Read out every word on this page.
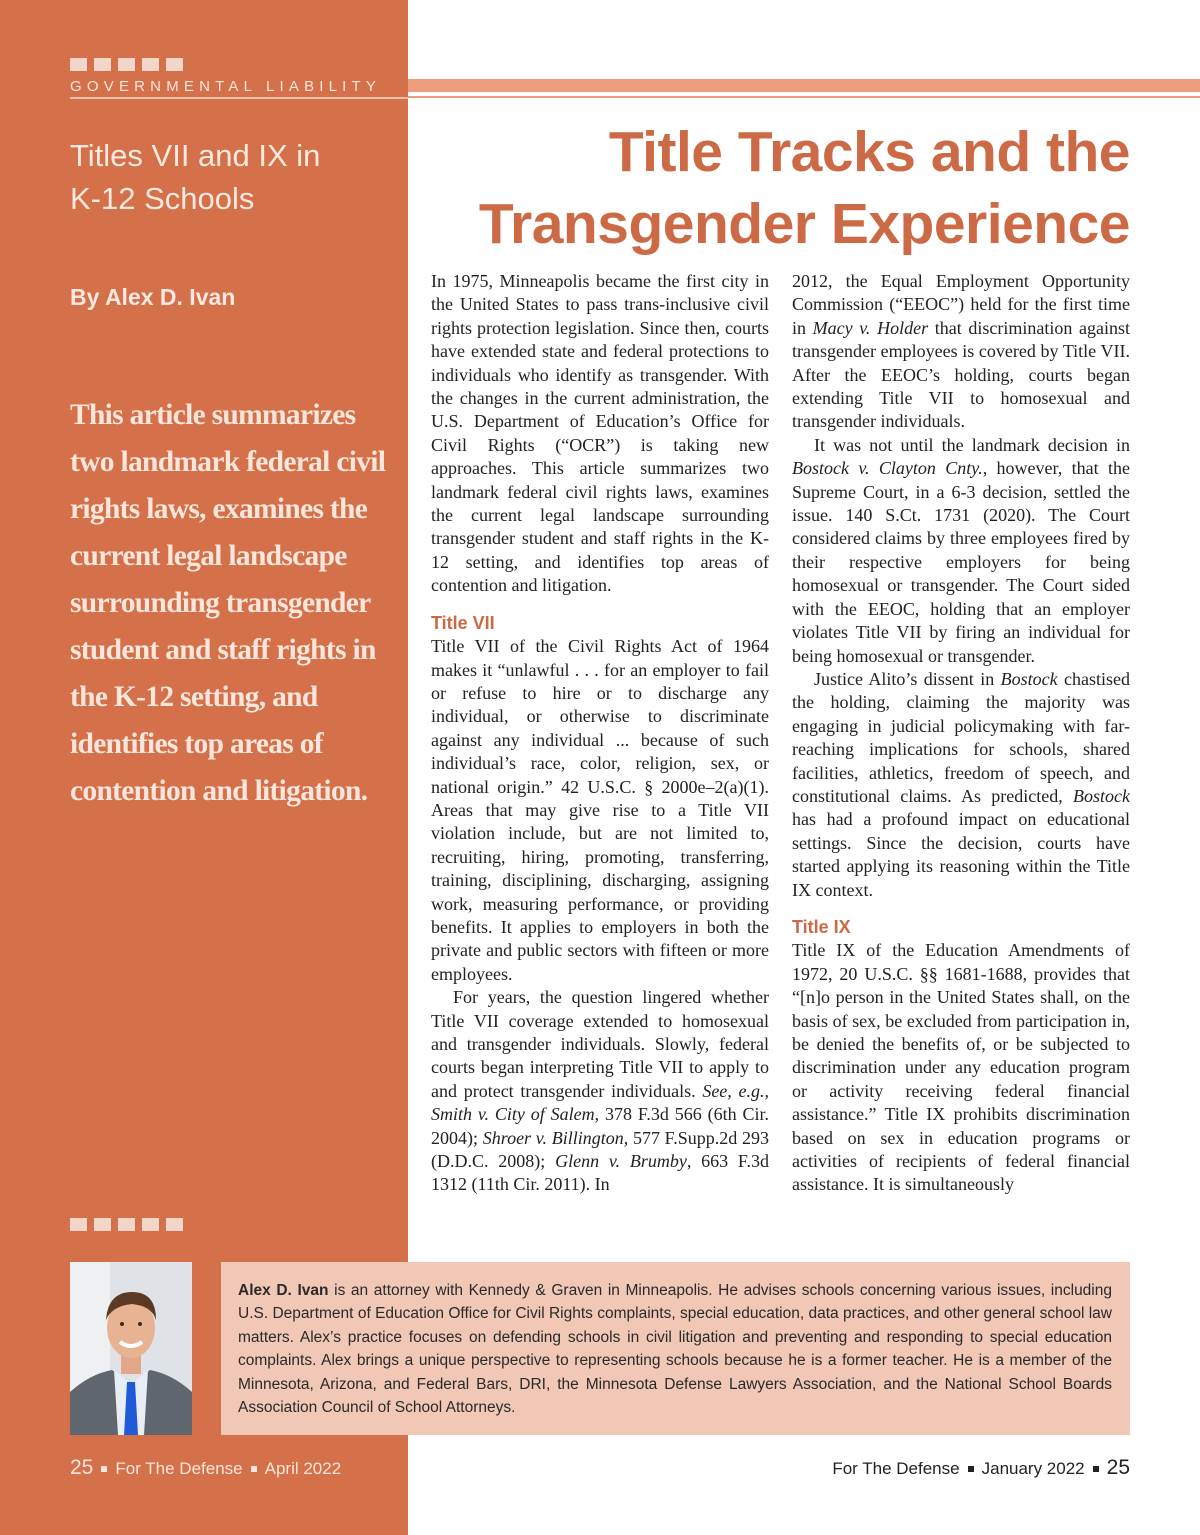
GOVERNMENTAL LIABILITY
Titles VII and IX in
K-12 Schools
By Alex D. Ivan

This article summarizes two landmark federal civil rights laws, examines the current legal landscape surrounding transgender student and staff rights in the K-12 setting, and identifies top areas of contention and litigation.

Title Tracks and the
Transgender Experience

In 1975, Minneapolis became the first city in the United States to pass trans-inclusive civil rights protection legislation. Since then, courts have extended state and federal protections to individuals who identify as transgender. With the changes in the current administration, the U.S. Department of Education’s Office for Civil Rights (“OCR”) is taking new approaches. This article summarizes two landmark federal civil rights laws, examines the current legal landscape surrounding transgender student and staff rights in the K-12 setting, and identifies top areas of contention and litigation.

Title VII

Title VII of the Civil Rights Act of 1964 makes it “unlawful . . . for an employer to fail or refuse to hire or to discharge any individual, or otherwise to discriminate against any individual ... because of such individual’s race, color, religion, sex, or national origin.” 42 U.S.C. § 2000e–2(a)(1). Areas that may give rise to a Title VII violation include, but are not limited to, recruiting, hiring, promoting, transferring, training, disciplining, discharging, assigning work, measuring performance, or providing benefits. It applies to employers in both the private and public sectors with fifteen or more employees.

For years, the question lingered whether Title VII coverage extended to homosexual and transgender individuals. Slowly, federal courts began interpreting Title VII to apply to and protect transgender individuals. See, e.g., Smith v. City of Salem, 378 F.3d 566 (6th Cir. 2004); Shroer v. Billington, 577 F.Supp.2d 293 (D.D.C. 2008); Glenn v. Brumby, 663 F.3d 1312 (11th Cir. 2011). In

2012, the Equal Employment Opportunity Commission (“EEOC”) held for the first time in Macy v. Holder that discrimination against transgender employees is covered by Title VII. After the EEOC’s holding, courts began extending Title VII to homosexual and transgender individuals.

It was not until the landmark decision in Bostock v. Clayton Cnty., however, that the Supreme Court, in a 6-3 decision, settled the issue. 140 S.Ct. 1731 (2020). The Court considered claims by three employees fired by their respective employers for being homosexual or transgender. The Court sided with the EEOC, holding that an employer violates Title VII by firing an individual for being homosexual or transgender.

Justice Alito’s dissent in Bostock chastised the holding, claiming the majority was engaging in judicial policymaking with far-reaching implications for schools, shared facilities, athletics, freedom of speech, and constitutional claims. As predicted, Bostock has had a profound impact on educational settings. Since the decision, courts have started applying its reasoning within the Title IX context.

Title IX

Title IX of the Education Amendments of 1972, 20 U.S.C. §§ 1681-1688, provides that “[n]o person in the United States shall, on the basis of sex, be excluded from participation in, be denied the benefits of, or be subjected to discrimination under any education program or activity receiving federal financial assistance.” Title IX prohibits discrimination based on sex in education programs or activities of recipients of federal financial assistance. It is simultaneously

Alex D. Ivan is an attorney with Kennedy & Graven in Minneapolis. He advises schools concerning various issues, including U.S. Department of Education Office for Civil Rights complaints, special education, data practices, and other general school law matters. Alex’s practice focuses on defending schools in civil litigation and preventing and responding to special education complaints. Alex brings a unique perspective to representing schools because he is a former teacher. He is a member of the Minnesota, Arizona, and Federal Bars, DRI, the Minnesota Defense Lawyers Association, and the National School Boards Association Council of School Attorneys.

25 For The Defense April 2022	For The Defense January 2022 25
